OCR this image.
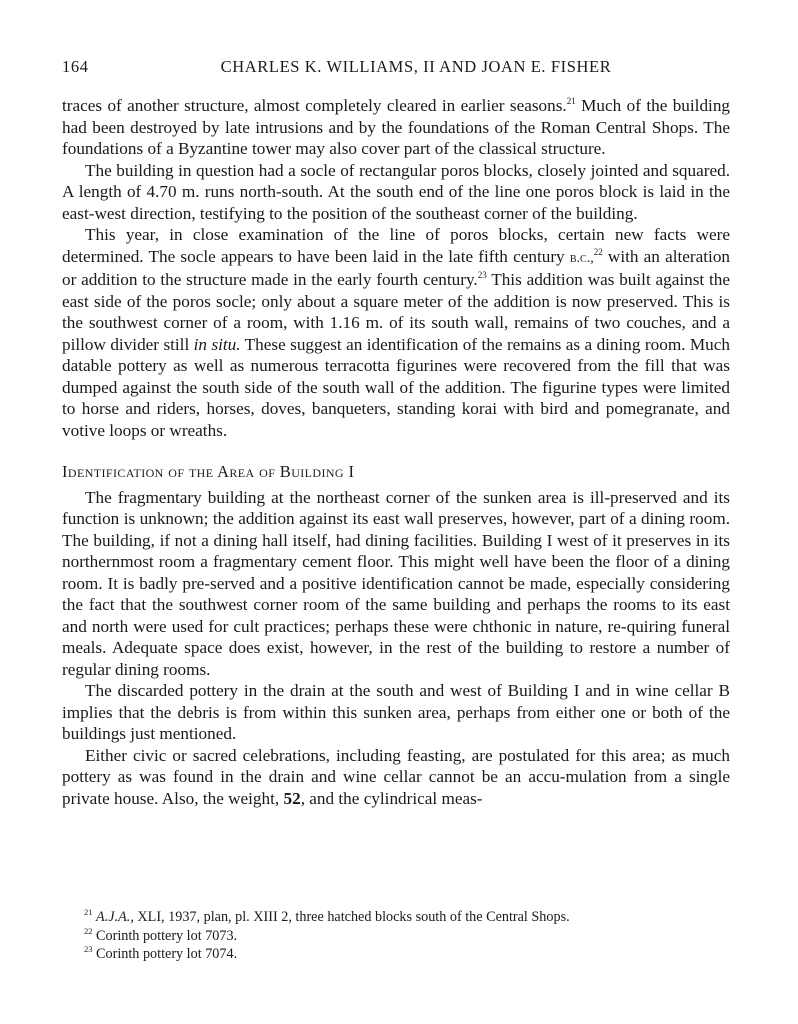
164	CHARLES K. WILLIAMS, II AND JOAN E. FISHER

traces of another structure, almost completely cleared in earlier seasons.$^{21}$ Much of the building had been destroyed by late intrusions and by the foundations of the Roman Central Shops. The foundations of a Byzantine tower may also cover part of the classical structure.

The building in question had a socle of rectangular poros blocks, closely jointed and squared. A length of 4.70 m. runs north-south. At the south end of the line one poros block is laid in the east-west direction, testifying to the position of the southeast corner of the building.

This year, in close examination of the line of poros blocks, certain new facts were determined. The socle appears to have been laid in the late fifth century b.c.,$^{22}$ with an alteration or addition to the structure made in the early fourth century.$^{23}$ This addition was built against the east side of the poros socle; only about a square meter of the addition is now preserved. This is the southwest corner of a room, with 1.16 m. of its south wall, remains of two couches, and a pillow divider still in situ. These suggest an identification of the remains as a dining room. Much datable pottery as well as numerous terracotta figurines were recovered from the fill that was dumped against the south side of the south wall of the addition. The figurine types were limited to horse and riders, horses, doves, banqueters, standing korai with bird and pomegranate, and votive loops or wreaths.

Identification of the Area of Building I

The fragmentary building at the northeast corner of the sunken area is ill-preserved and its function is unknown; the addition against its east wall preserves, however, part of a dining room. The building, if not a dining hall itself, had dining facilities. Building I west of it preserves in its northernmost room a fragmentary cement floor. This might well have been the floor of a dining room. It is badly pre-served and a positive identification cannot be made, especially considering the fact that the southwest corner room of the same building and perhaps the rooms to its east and north were used for cult practices; perhaps these were chthonic in nature, re-quiring funeral meals. Adequate space does exist, however, in the rest of the building to restore a number of regular dining rooms.

The discarded pottery in the drain at the south and west of Building I and in wine cellar B implies that the debris is from within this sunken area, perhaps from either one or both of the buildings just mentioned.

Either civic or sacred celebrations, including feasting, are postulated for this area; as much pottery as was found in the drain and wine cellar cannot be an accu-mulation from a single private house. Also, the weight, 52, and the cylindrical meas-

$^{21}$ A.J.A., XLI, 1937, plan, pl. XIII 2, three hatched blocks south of the Central Shops.

$^{22}$ Corinth pottery lot 7073.

$^{23}$ Corinth pottery lot 7074.
